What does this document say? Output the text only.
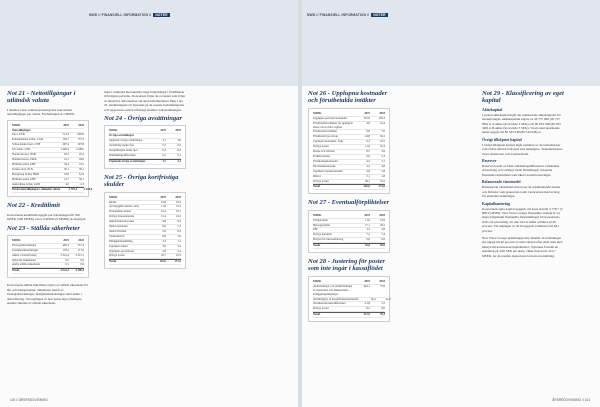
NWD // FINANSIELL INFORMATION // NOTER
Not 21 - Nettotillgångar i utländsk valuta
I tabellen visas valutaexponering mot koncernens nettotillgångar per valuta. Fördelningen är i MSEK.
MSEK	2019	2018
Nettotillgångar
Euro, EUR	714,3	648,0
Kanadensiska dollar, CAD	136,7	175,3
Schweiziska franc, CHF	207,4	197,8
US dollar, USD	1 466,4	1 248,5
Norska kronor, NOK	92,3	45,4
Danska kronor, DKK	41,1	44,9
Brittiska pund, GBP	34,4	41,5
Polska zloty, PLN	36,1	39,1
Hongkong dollar, HKD	10,8	6,74
Brittiska pund, GBP	41,7	56,1
Australiska dollar, AUD	4,0	2,3
Totala nettotillgångar i utländsk valuta	2 787,4	2 508,0
Not 22 - Kreditlimit
Koncernens kreditlimit uppgår per balansdagen till 500 MSEK (500 MSEK) varav 0 MSEK (0 MSEK) är utnyttjad.
Not 23 - Ställda säkerheter
MSEK	2019	2018
Företagsinteckningar	496,3	237,3
Fastighetsinteckningar	178,2	171,8
Aktier i dotterföretag	3 341,4	3 321,1
Spärrade bankmedel	6,5	6,9
Andra ställda säkerheter	0,1	0,0
Totalt	4 022,5	4 286,3
Koncernens ställda säkerheter utgörs av ställda säkerheter för lån och bankgarantier. Säkerheter består av företagsinteckningar, fastighetsinteckningar samt aktier i dotterföretag. Vid utgången av året fanns inga ytterligare skulder säkrade av ställda säkerheter.
inget i samband med skulder. Inga förändringar i förhållande till tidigare perioder. Koncernen följer de covenant som följer av låneavtal. Information om ansvarsförbindelser finns i not 25. Avsättningarna är baserade på de senaste bedömningarna och rapporteras som kortfristiga skulder i balansräkningen.
Not 24 - Övriga avsättningar
MSEK	2019	2018
Övriga avsättningar
Ingående övriga avsättningar	3,1	3,0
Avsättning under året	0,7	0,2
Ianspråktagna under året	-0,3	-0,2
Omräkningsdifferenser	0,1	0,1
Utgående övriga avsättningar	3,7	3,1
Not 25 - Övriga kortfristiga skulder
MSEK	2019	2018
Moms	41,8	52,3
Avdragsgilla skatter, netto	11,6	15,2
Personalens skatter	16,4	16,1
Övriga lönerelaterade	15,4	14,2
Aktierelaterade poster	9,8	8,4
Skuld pensioner	8,6	7,3
Skuld till kund	2,6	6,3
Valutaderivat	8,8	5,6
Tilläggsköpeskilling	3,3	1,1
Upplupna räntor	3,6	3,4
Upplupna provisioner	2,8	2,4
Övriga poster	16,7	10,3
Totalt	129,6	172,5
100 // ÅRSREDOVISNING
NWD // FINANSIELL INFORMATION // NOTER
Not 26 - Upplupna kostnader och förutbetalda intäkter
MSEK	2019	2018
Upplupna personal kostnader	125,6	136,3
Förutbetalda intäkter för upplupna löner och sociala avgifter
4,9	41,4
Förutbetalda intäkter	6,8	7,6
Förutbetald provision	24,8	32,1
Upplupna kostnader, frakt	6,3	10,5
Övriga poster	11,9	16,3
Bonus och rabatter	8,5	4,9
Fraktkostnader	6,9	5,3
Försäkringskostnader	4,5	3,1
Revisionskostnader	4,5	4,8
Upplupna hyreskostnader	4,6	5,8
Räntor	2,1	1,8
Övriga poster	39,1	31,2
Totalt	246,0	274,6
Not 27 - Eventualförpliktelser
MSEK	2019	2018
Tullgarantier	11,6	15,9
Hyresgarantier	17,1	20,2
PRI	3,3	2,8
Övriga garantier	7,2	5,4
Borgen för intresseföretag	6,6	6,6
Totalt	45,8	50,9
Not 28 - Justering för poster som inte ingår i kassaflödet
MSEK	2019	2018
Avskrivningar och nedskrivningar av materiella och immateriella anläggningstillgångar
244,1	73,9
Avsättningar, ej kassaflödespåverkande	16,4	22,9
Orealiserade kursdifferenser	-13,8	3,5
Övriga poster	-6,2	8,0
Totalt	231,9	76,4
Not 29 - Klassificering av eget kapital
Aktiekapital
I posten aktiekapital ingår det registrerade aktiekapitalet för moderbolaget. Aktiekapitalet utgörs av 20 757 090 (20 757 090) st A-aktier (kvotvärde 3 SEK) och 60 033 348 (60 033 348) st B-aktier (kvotvärde 3 SEK). Totalt antal utestående aktier uppgår till 80 543 048 (80 543 048) st.
Övrigt tillskjutet kapital
I övrigt tillskjutet kapital ingår summan av de transaktioner som Nobia AB har haft med sina aktieägare. Transaktionerna avser emissioner och överkursfond.
Reserver
Reserver består av både omräkningsdifferenser i utländska dotterbolag och verkligt värde förändringar avseende finansiella instrument som säkrar nettoinvesteringar.
Balanserade vinstmedel
Balanserade vinstmedel motsvarar de ackumulerade vinster och förluster som genererats totalt i koncernen med avdrag för utbetalda utdelningar.
Kapitalhantering
Koncernens egna kapital uppgick vid årets slut till 3 778,7 (3 608,2) MSEK. New Wave Groups finansiella strategi är att skapa långsiktigt finansiella förutsättningar för koncernens drift och utveckling. Av den vikt är målet soliditet på 40 procent. Vid utgången av 2019 uppgick soliditeten till 48,1 procent.
New Wave Groups utdelningspolicy innebär att utdelningen ska uppgå till 40 procent av nettovinsten efter skatt men med hänsyn till koncernens kapitalbehov. Styrelsen föreslår en utdelning på 3,00 SEK per aktie, vilket motsvarar 241,7 MSEK. Av de resultat rapporteras fortsatt en utdelning.
ÅRSREDOVISNING // 101
